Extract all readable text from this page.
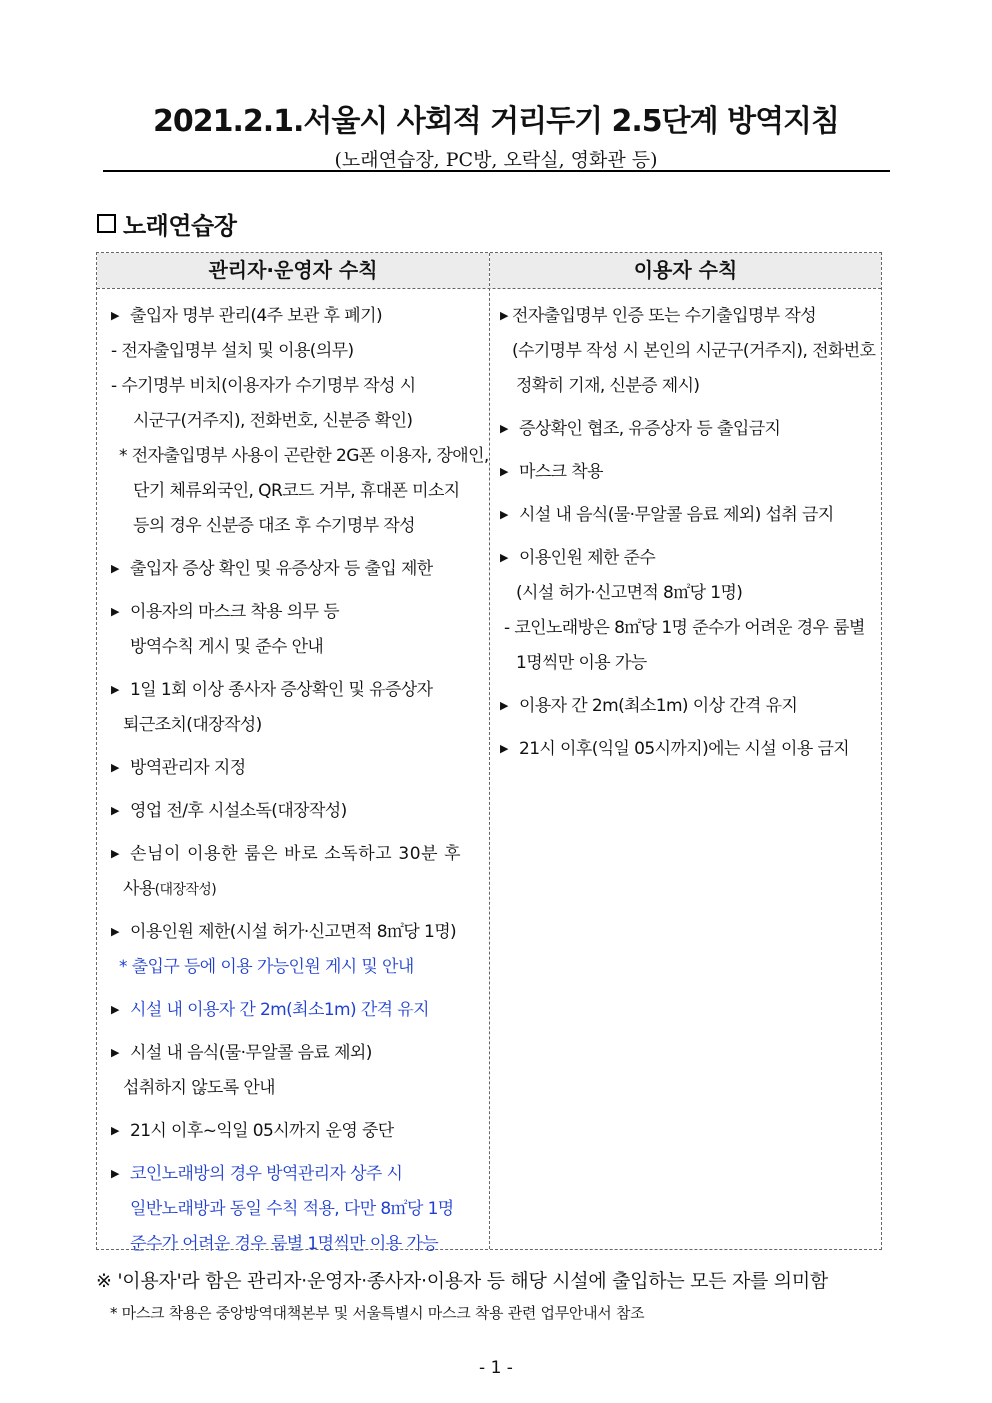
2021.2.1.서울시 사회적 거리두기 2.5단계 방역지침
(노래연습장, PC방, 오락실, 영화관 등)
노래연습장
관리자·운영자 수칙	이용자 수칙
▶ 출입자 명부 관리(4주 보관 후 폐기)
- 전자출입명부 설치 및 이용(의무)
- 수기명부 비치(이용자가 수기명부 작성 시
시군구(거주지), 전화번호, 신분증 확인)
* 전자출입명부 사용이 곤란한 2G폰 이용자, 장애인,
단기 체류외국인, QR코드 거부, 휴대폰 미소지
등의 경우 신분증 대조 후 수기명부 작성
▶ 출입자 증상 확인 및 유증상자 등 출입 제한
▶ 이용자의 마스크 착용 의무 등
방역수칙 게시 및 준수 안내
▶ 1일 1회 이상 종사자 증상확인 및 유증상자
퇴근조치(대장작성)
▶ 방역관리자 지정
▶ 영업 전/후 시설소독(대장작성)
▶ 손님이 이용한 룸은 바로 소독하고 30분 후
사용(대장작성)
▶ 이용인원 제한(시설 허가·신고면적 8㎡당 1명)
* 출입구 등에 이용 가능인원 게시 및 안내
▶ 시설 내 이용자 간 2m(최소1m) 간격 유지
▶ 시설 내 음식(물·무알콜 음료 제외)
섭취하지 않도록 안내
▶ 21시 이후~익일 05시까지 운영 중단
▶ 코인노래방의 경우 방역관리자 상주 시
일반노래방과 동일 수칙 적용, 다만 8㎡당 1명
준수가 어려운 경우 룸별 1명씩만 이용 가능
▶ 전자출입명부 인증 또는 수기출입명부 작성
(수기명부 작성 시 본인의 시군구(거주지), 전화번호
정확히 기재, 신분증 제시)
▶ 증상확인 협조, 유증상자 등 출입금지
▶ 마스크 착용
▶ 시설 내 음식(물·무알콜 음료 제외) 섭취 금지
▶ 이용인원 제한 준수
(시설 허가·신고면적 8㎡당 1명)
- 코인노래방은 8㎡당 1명 준수가 어려운 경우 룸별
1명씩만 이용 가능
▶ 이용자 간 2m(최소1m) 이상 간격 유지
▶ 21시 이후(익일 05시까지)에는 시설 이용 금지
※ '이용자'라 함은 관리자·운영자·종사자·이용자 등 해당 시설에 출입하는 모든 자를 의미함
* 마스크 착용은 중앙방역대책본부 및 서울특별시 마스크 착용 관련 업무안내서 참조
- 1 -
